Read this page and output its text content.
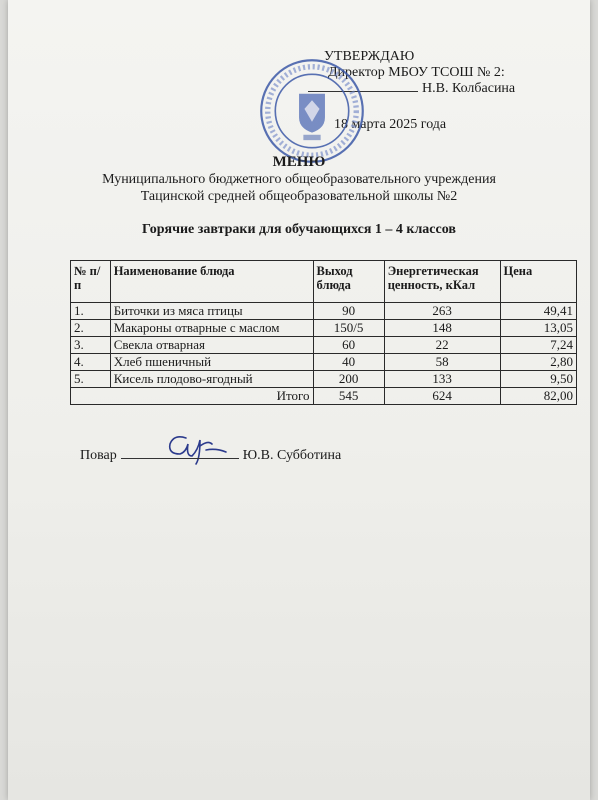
УТВЕРЖДАЮ
Директор МБОУ ТСОШ № 2:
Н.В. Колбасина
18 марта 2025 года
МЕНЮ
Муниципального бюджетного общеобразовательного учреждения
Тацинской средней общеобразовательной школы №2
Горячие завтраки для обучающихся 1 – 4 классов
№ п/п	Наименование блюда	Выход блюда	Энергетическая ценность, кКал	Цена
1.	Биточки из мяса птицы	90	263	49,41
2.	Макароны отварные с маслом	150/5	148	13,05
3.	Свекла отварная	60	22	7,24
4.	Хлеб пшеничный	40	58	2,80
5.	Кисель плодово-ягодный	200	133	9,50
Итого		545	624	82,00
Повар	Ю.В. Субботина
